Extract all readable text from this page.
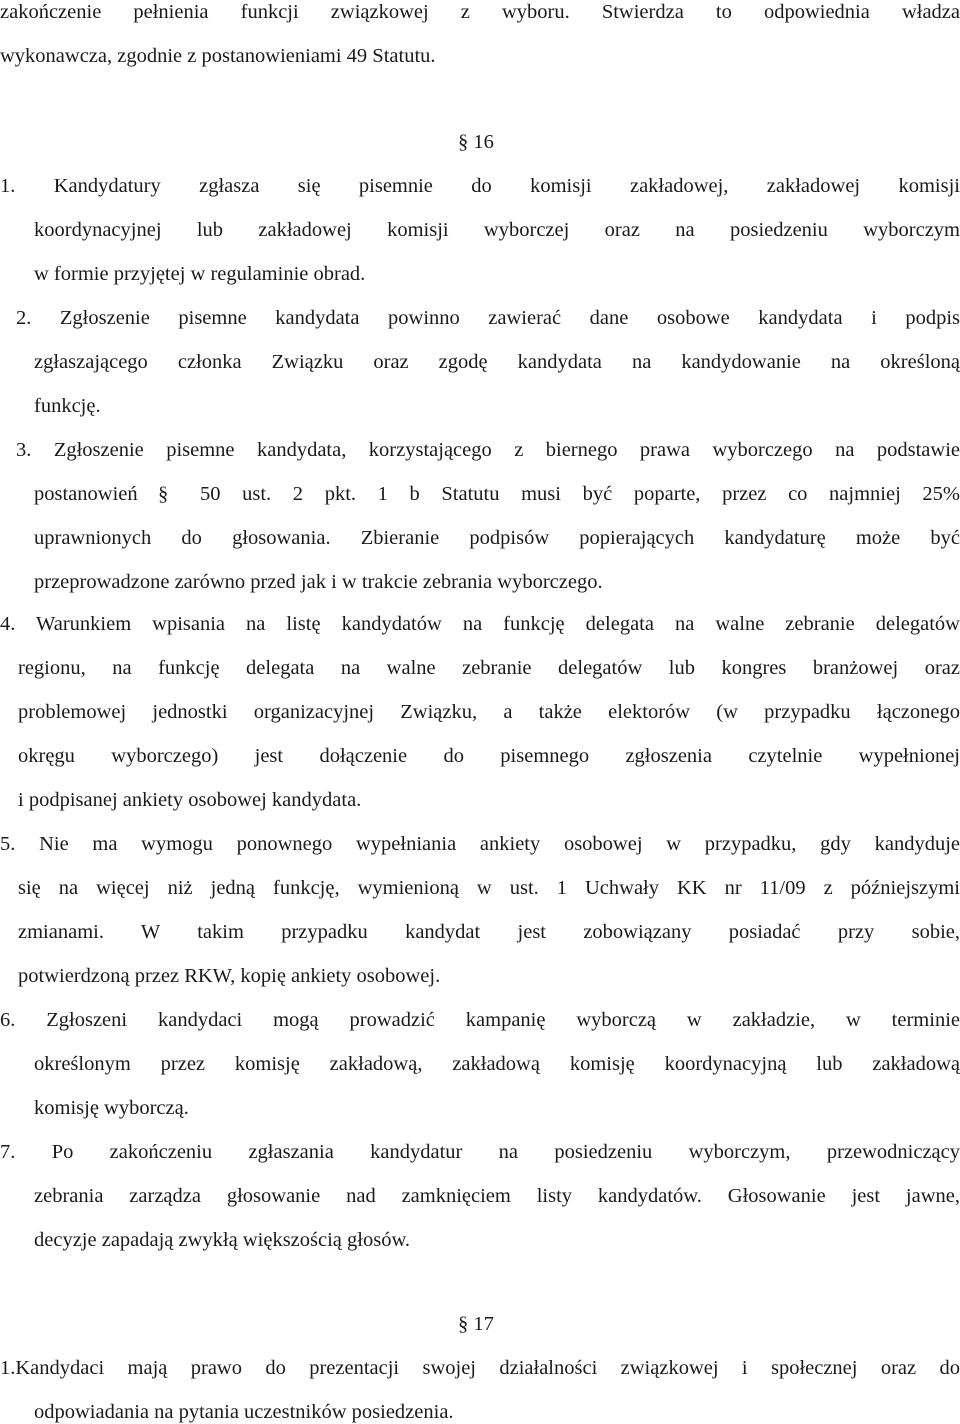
zakończenie pełnienia funkcji związkowej z wyboru. Stwierdza to odpowiednia władza
wykonawcza, zgodnie z postanowieniami 49 Statutu.
§ 16
1. Kandydatury zgłasza się pisemnie do komisji zakładowej, zakładowej komisji
koordynacyjnej lub zakładowej komisji wyborczej oraz na posiedzeniu wyborczym
w formie przyjętej w regulaminie obrad.
2. Zgłoszenie pisemne kandydata powinno zawierać dane osobowe kandydata i podpis
zgłaszającego członka Związku oraz zgodę kandydata na kandydowanie na określoną
funkcję.
3. Zgłoszenie pisemne kandydata, korzystającego z biernego prawa wyborczego na podstawie
postanowień § 50 ust. 2 pkt. 1 b Statutu musi być poparte, przez co najmniej 25%
uprawnionych do głosowania. Zbieranie podpisów popierających kandydaturę może być
przeprowadzone zarówno przed jak i w trakcie zebrania wyborczego.
4. Warunkiem wpisania na listę kandydatów na funkcję delegata na walne zebranie delegatów
regionu, na funkcję delegata na walne zebranie delegatów lub kongres branżowej oraz
problemowej jednostki organizacyjnej Związku, a także elektorów (w przypadku łączonego
okręgu wyborczego) jest dołączenie do pisemnego zgłoszenia czytelnie wypełnionej
i podpisanej ankiety osobowej kandydata.
5. Nie ma wymogu ponownego wypełniania ankiety osobowej w przypadku, gdy kandyduje
się na więcej niż jedną funkcję, wymienioną w ust. 1 Uchwały KK nr 11/09 z późniejszymi
zmianami. W takim przypadku kandydat jest zobowiązany posiadać przy sobie,
potwierdzoną przez RKW, kopię ankiety osobowej.
6. Zgłoszeni kandydaci mogą prowadzić kampanię wyborczą w zakładzie, w terminie
określonym przez komisję zakładową, zakładową komisję koordynacyjną lub zakładową
komisję wyborczą.
7. Po zakończeniu zgłaszania kandydatur na posiedzeniu wyborczym, przewodniczący
zebrania zarządza głosowanie nad zamknięciem listy kandydatów. Głosowanie jest jawne,
decyzje zapadają zwykłą większością głosów.
§ 17
1.Kandydaci mają prawo do prezentacji swojej działalności związkowej i społecznej oraz do
odpowiadania na pytania uczestników posiedzenia.
